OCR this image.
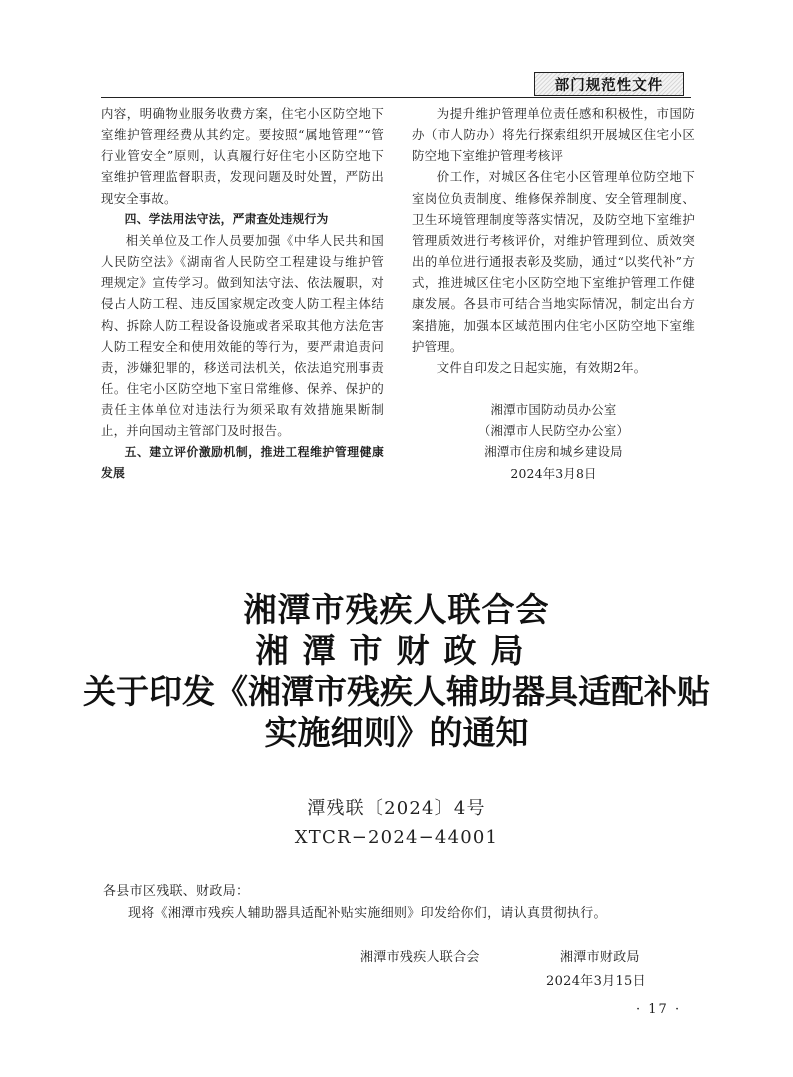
部门规范性文件

内容，明确物业服务收费方案，住宅小区防空地下室维护管理经费从其约定。要按照“属地管理”“管行业管安全”原则，认真履行好住宅小区防空地下室维护管理监督职责，发现问题及时处置，严防出现安全事故。

四、学法用法守法，严肃查处违规行为

相关单位及工作人员要加强《中华人民共和国人民防空法》《湖南省人民防空工程建设与维护管理规定》宣传学习。做到知法守法、依法履职，对侵占人防工程、违反国家规定改变人防工程主体结构、拆除人防工程设备设施或者采取其他方法危害人防工程安全和使用效能的等行为，要严肃追责问责，涉嫌犯罪的，移送司法机关，依法追究刑事责任。住宅小区防空地下室日常维修、保养、保护的责任主体单位对违法行为须采取有效措施果断制止，并向国动主管部门及时报告。

五、建立评价激励机制，推进工程维护管理健康发展

为提升维护管理单位责任感和积极性，市国防办（市人防办）将先行探索组织开展城区住宅小区防空地下室维护管理考核评

价工作，对城区各住宅小区管理单位防空地下室岗位负责制度、维修保养制度、安全管理制度、卫生环境管理制度等落实情况，及防空地下室维护管理质效进行考核评价，对维护管理到位、质效突出的单位进行通报表彰及奖励，通过“以奖代补”方式，推进城区住宅小区防空地下室维护管理工作健康发展。各县市可结合当地实际情况，制定出台方案措施，加强本区域范围内住宅小区防空地下室维护管理。

文件自印发之日起实施，有效期2年。

湘潭市国防动员办公室

（湘潭市人民防空办公室）

湘潭市住房和城乡建设局

2024年3月8日

湘潭市残疾人联合会
湘潭市财政局
关于印发《湘潭市残疾人辅助器具适配补贴
实施细则》的通知
潭残联〔2024〕4号
XTCR−2024−44001
各县市区残联、财政局：
现将《湘潭市残疾人辅助器具适配补贴实施细则》印发给你们，请认真贯彻执行。
湘潭市残疾人联合会	湘潭市财政局
2024年3月15日
· 17 ·
